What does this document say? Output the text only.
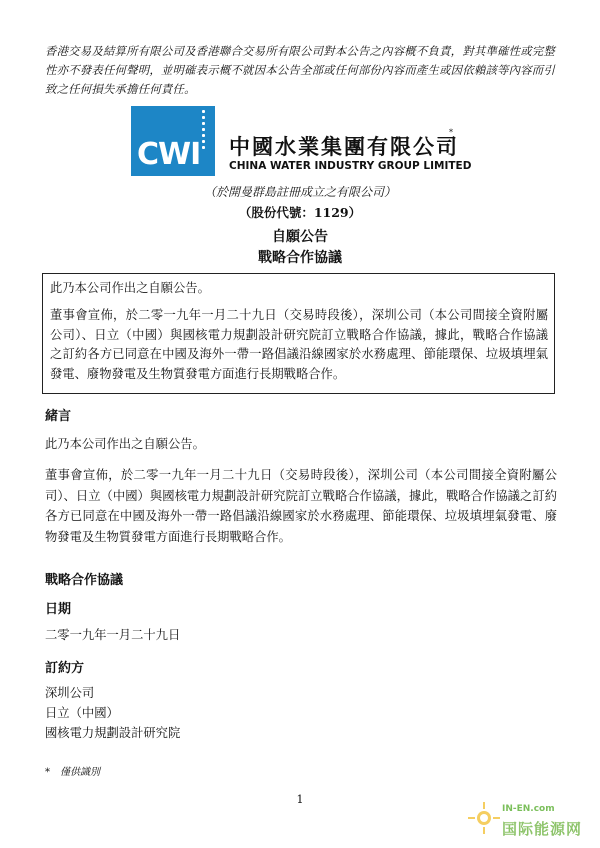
香港交易及結算所有限公司及香港聯合交易所有限公司對本公告之內容概不負責，對其準確性或完整性亦不發表任何聲明，並明確表示概不就因本公告全部或任何部份內容而產生或因依賴該等內容而引致之任何損失承擔任何責任。
CWI 中國水業集團有限公司
*
CHINA WATER INDUSTRY GROUP LIMITED
（於開曼群島註冊成立之有限公司）
（股份代號：1129）
自願公告
戰略合作協議

此乃本公司作出之自願公告。

董事會宣佈，於二零一九年一月二十九日（交易時段後），深圳公司（本公司間接全資附屬公司）、日立（中國）與國核電力規劃設計研究院訂立戰略合作協議，據此，戰略合作協議之訂約各方已同意在中國及海外一帶一路倡議沿線國家於水務處理、節能環保、垃圾填埋氣發電、廢物發電及生物質發電方面進行長期戰略合作。

緒言

此乃本公司作出之自願公告。

董事會宣佈，於二零一九年一月二十九日（交易時段後），深圳公司（本公司間接全資附屬公司）、日立（中國）與國核電力規劃設計研究院訂立戰略合作協議，據此，戰略合作協議之訂約各方已同意在中國及海外一帶一路倡議沿線國家於水務處理、節能環保、垃圾填埋氣發電、廢物發電及生物質發電方面進行長期戰略合作。

戰略合作協議
日期

二零一九年一月二十九日

訂約方

深圳公司

日立（中國）

國核電力規劃設計研究院

*　僅供識別
1
IN-EN.com
国际能源网
